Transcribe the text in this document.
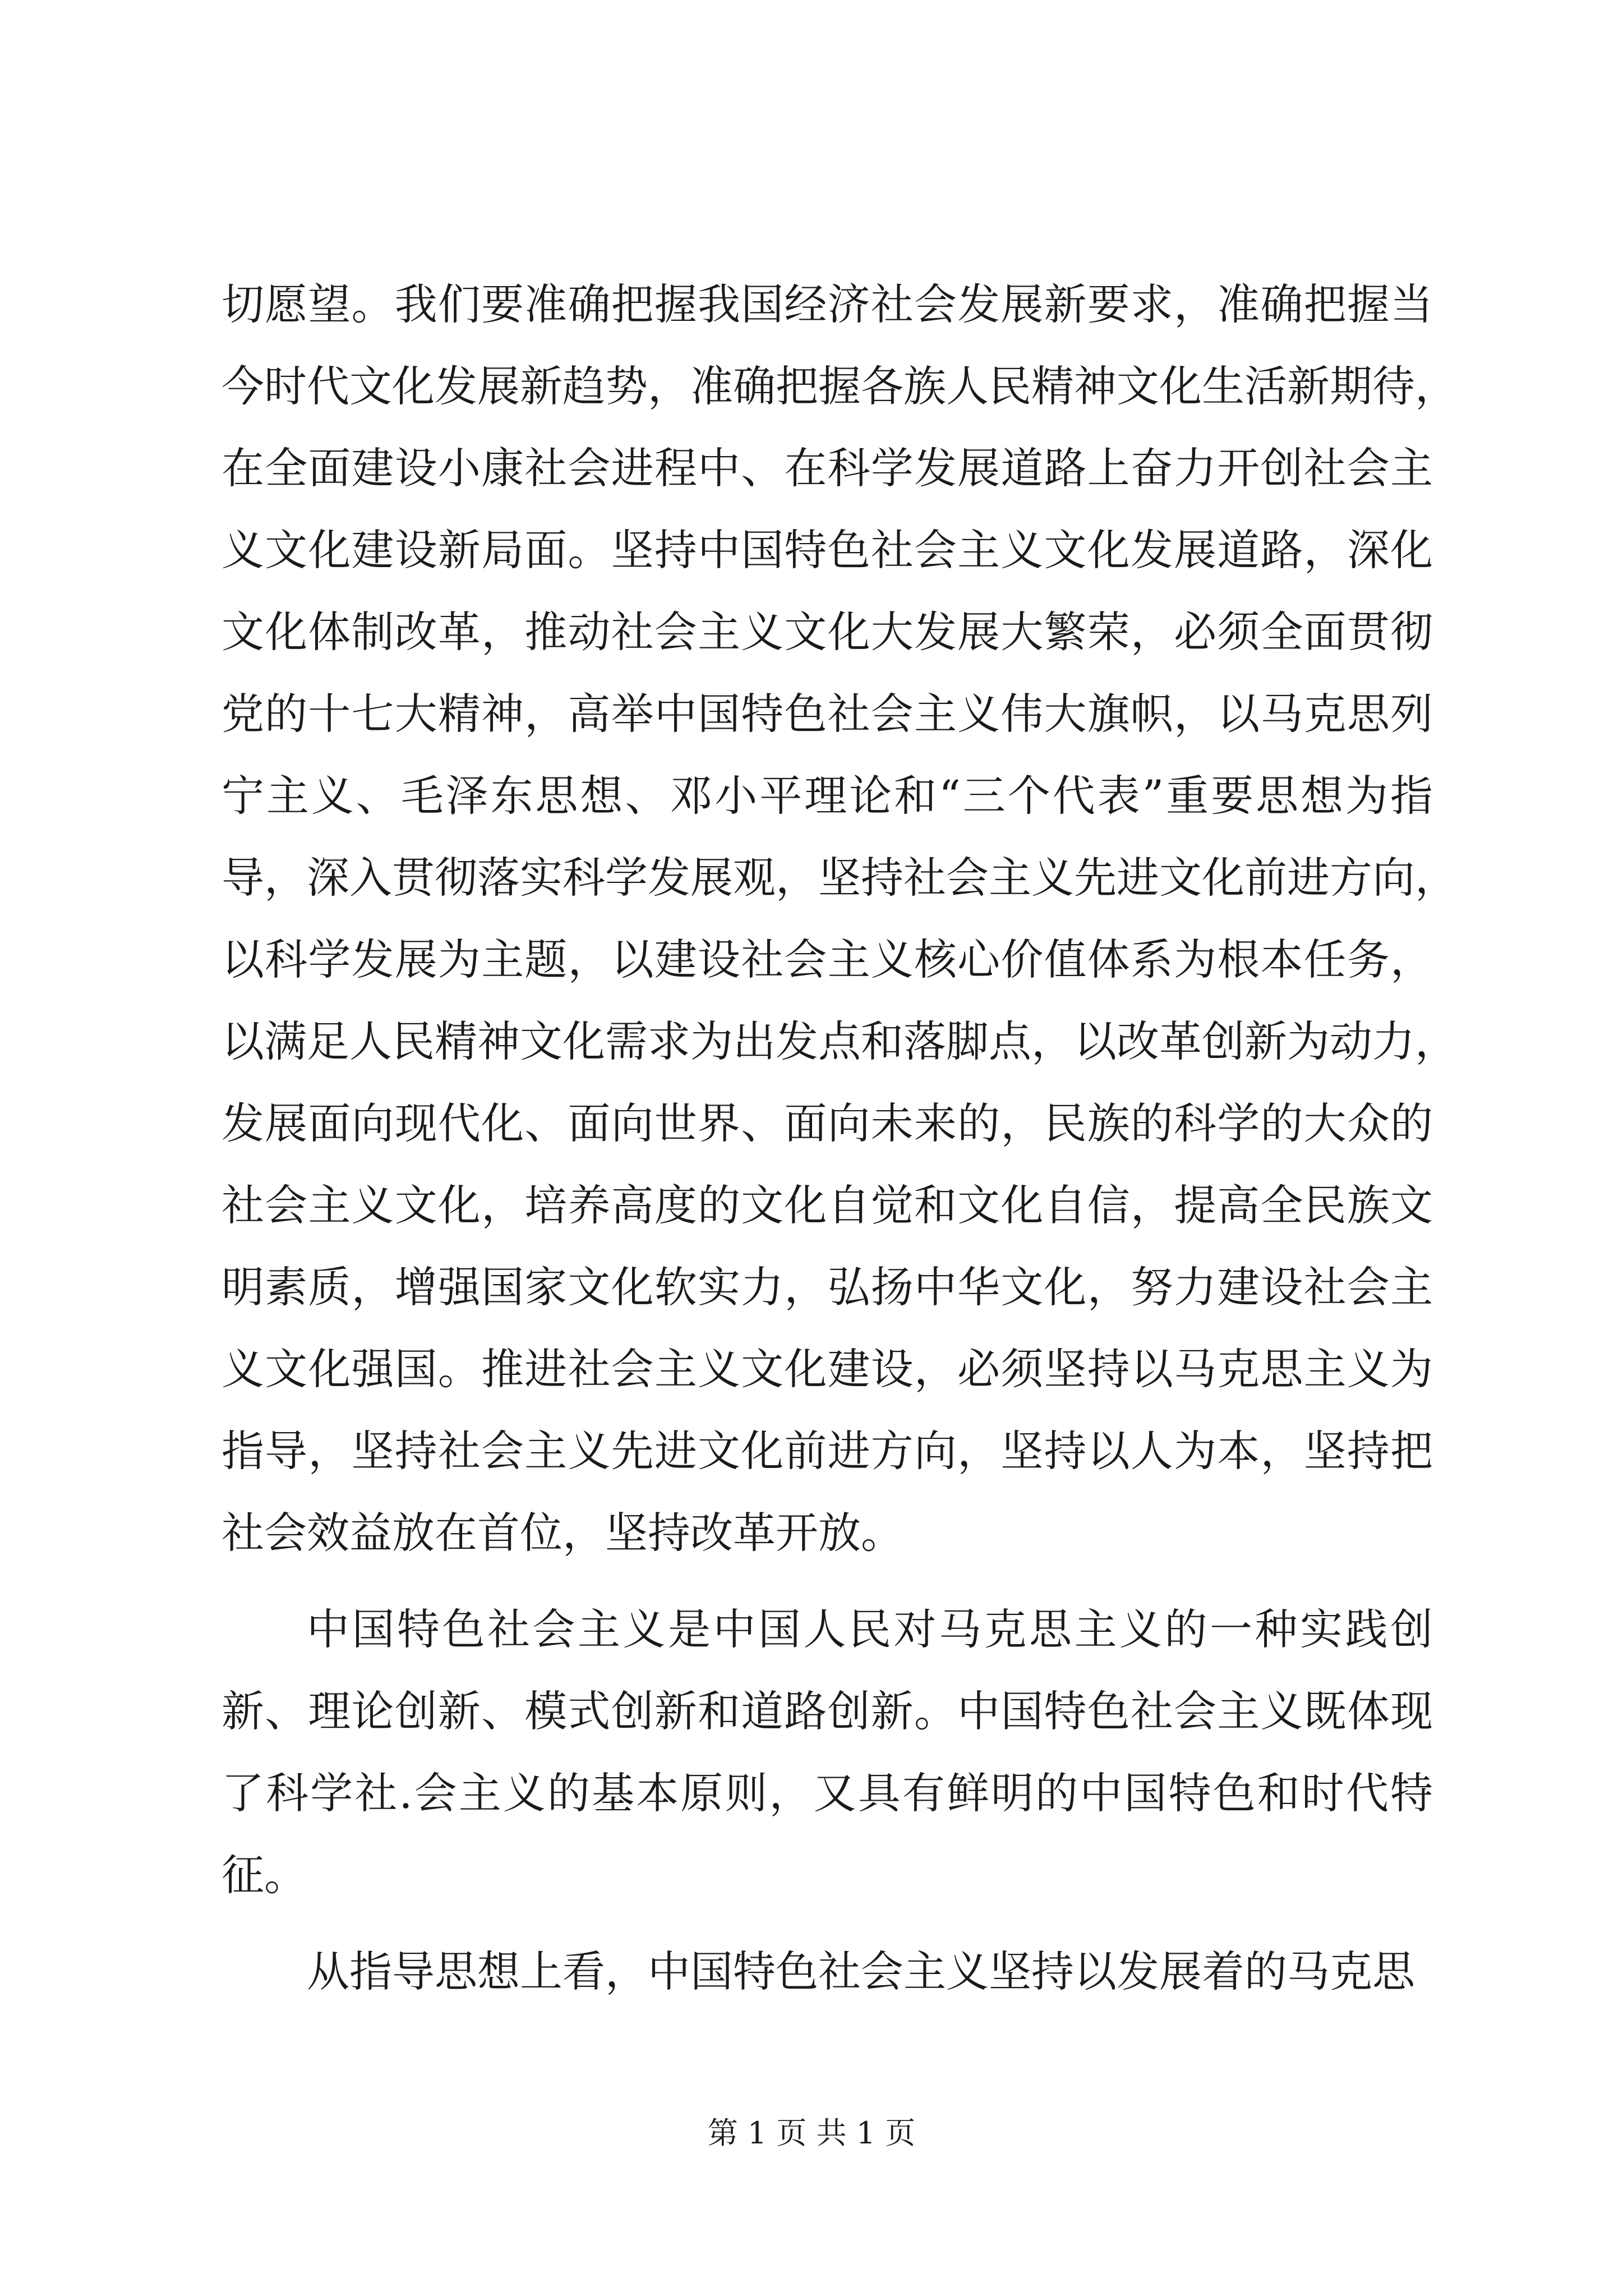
切愿望。我们要准确把握我国经济社会发展新要求，准确把握当
今时代文化发展新趋势，准确把握各族人民精神文化生活新期待，
在全面建设小康社会进程中、在科学发展道路上奋力开创社会主
义文化建设新局面。坚持中国特色社会主义文化发展道路，深化
文化体制改革，推动社会主义文化大发展大繁荣，必须全面贯彻
党的十七大精神，高举中国特色社会主义伟大旗帜，以马克思列
宁主义、毛泽东思想、邓小平理论和“三个代表”重要思想为指
导，深入贯彻落实科学发展观，坚持社会主义先进文化前进方向，
以科学发展为主题，以建设社会主义核心价值体系为根本任务，
以满足人民精神文化需求为出发点和落脚点，以改革创新为动力，
发展面向现代化、面向世界、面向未来的，民族的科学的大众的
社会主义文化，培养高度的文化自觉和文化自信，提高全民族文
明素质，增强国家文化软实力，弘扬中华文化，努力建设社会主
义文化强国。推进社会主义文化建设，必须坚持以马克思主义为
指导，坚持社会主义先进文化前进方向，坚持以人为本，坚持把
社会效益放在首位，坚持改革开放。
中国特色社会主义是中国人民对马克思主义的一种实践创
新、理论创新、模式创新和道路创新。中国特色社会主义既体现
了科学社.会主义的基本原则，又具有鲜明的中国特色和时代特
征。
从指导思想上看，中国特色社会主义坚持以发展着的马克思
第 1 页 共 1 页
